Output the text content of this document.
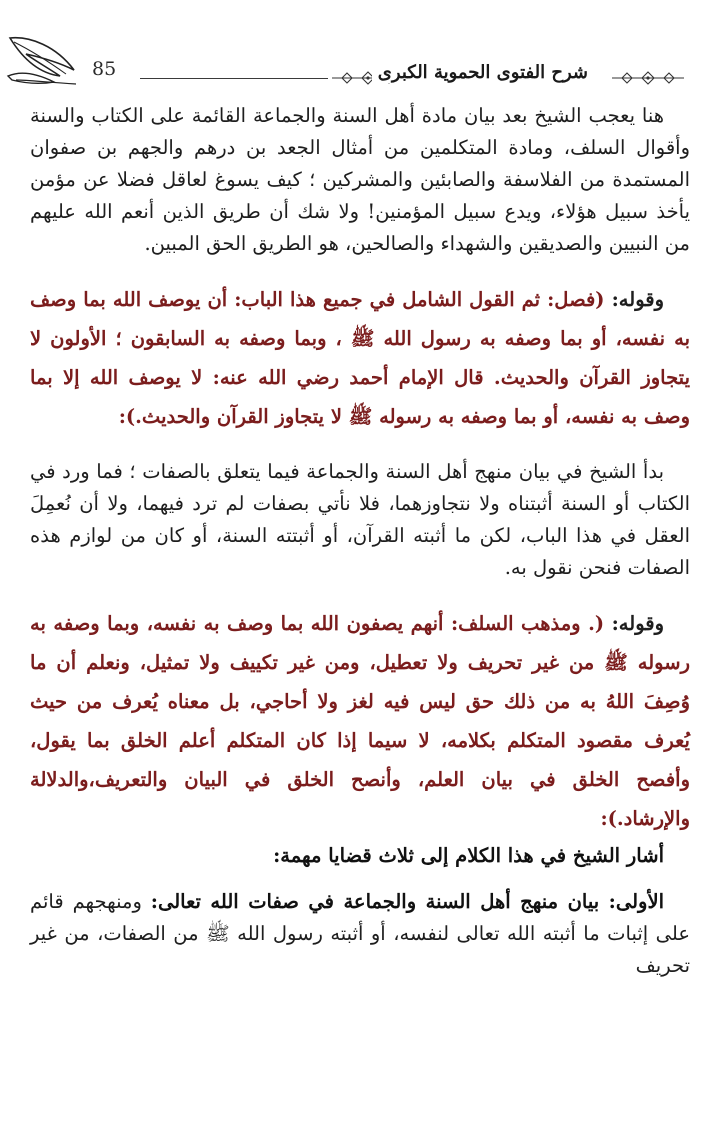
85	شرح الفتوى الحموية الكبرى

هنا يعجب الشيخ بعد بيان مادة أهل السنة والجماعة القائمة على الكتاب والسنة وأقوال السلف، ومادة المتكلمين من أمثال الجعد بن درهم والجهم بن صفوان المستمدة من الفلاسفة والصابئين والمشركين ؛ كيف يسوغ لعاقل فضلا عن مؤمن يأخذ سبيل هؤلاء، ويدع سبيل المؤمنين! ولا شك أن طريق الذين أنعم الله عليهم من النبيين والصديقين والشهداء والصالحين، هو الطريق الحق المبين.

وقوله: (فصل: ثم القول الشامل في جميع هذا الباب: أن يوصف الله بما وصف به نفسه، أو بما وصفه به رسول الله ﷺ ، وبما وصفه به السابقون ؛ الأولون لا يتجاوز القرآن والحديث. قال الإمام أحمد رضي الله عنه: لا يوصف الله إلا بما وصف به نفسه، أو بما وصفه به رسوله ﷺ لا يتجاوز القرآن والحديث.):

بدأ الشيخ في بيان منهج أهل السنة والجماعة فيما يتعلق بالصفات ؛ فما ورد في الكتاب أو السنة أثبتناه ولا نتجاوزهما، فلا نأتي بصفات لم ترد فيهما، ولا أن نُعمِلَ العقل في هذا الباب، لكن ما أثبته القرآن، أو أثبتته السنة، أو كان من لوازم هذه الصفات فنحن نقول به.

وقوله: (. ومذهب السلف: أنهم يصفون الله بما وصف به نفسه، وبما وصفه به رسوله ﷺ من غير تحريف ولا تعطيل، ومن غير تكييف ولا تمثيل، ونعلم أن ما وُصِفَ اللهُ به من ذلك حق ليس فيه لغز ولا أحاجي، بل معناه يُعرف من حيث يُعرف مقصود المتكلم بكلامه، لا سيما إذا كان المتكلم أعلم الخلق بما يقول، وأفصح الخلق في بيان العلم، وأنصح الخلق في البيان والتعريف،والدلالة والإرشاد.):

أشار الشيخ في هذا الكلام إلى ثلاث قضايا مهمة:

الأولى: بيان منهج أهل السنة والجماعة في صفات الله تعالى: ومنهجهم قائم على إثبات ما أثبته الله تعالى لنفسه، أو أثبته رسول الله ﷺ من الصفات، من غير تحريف
